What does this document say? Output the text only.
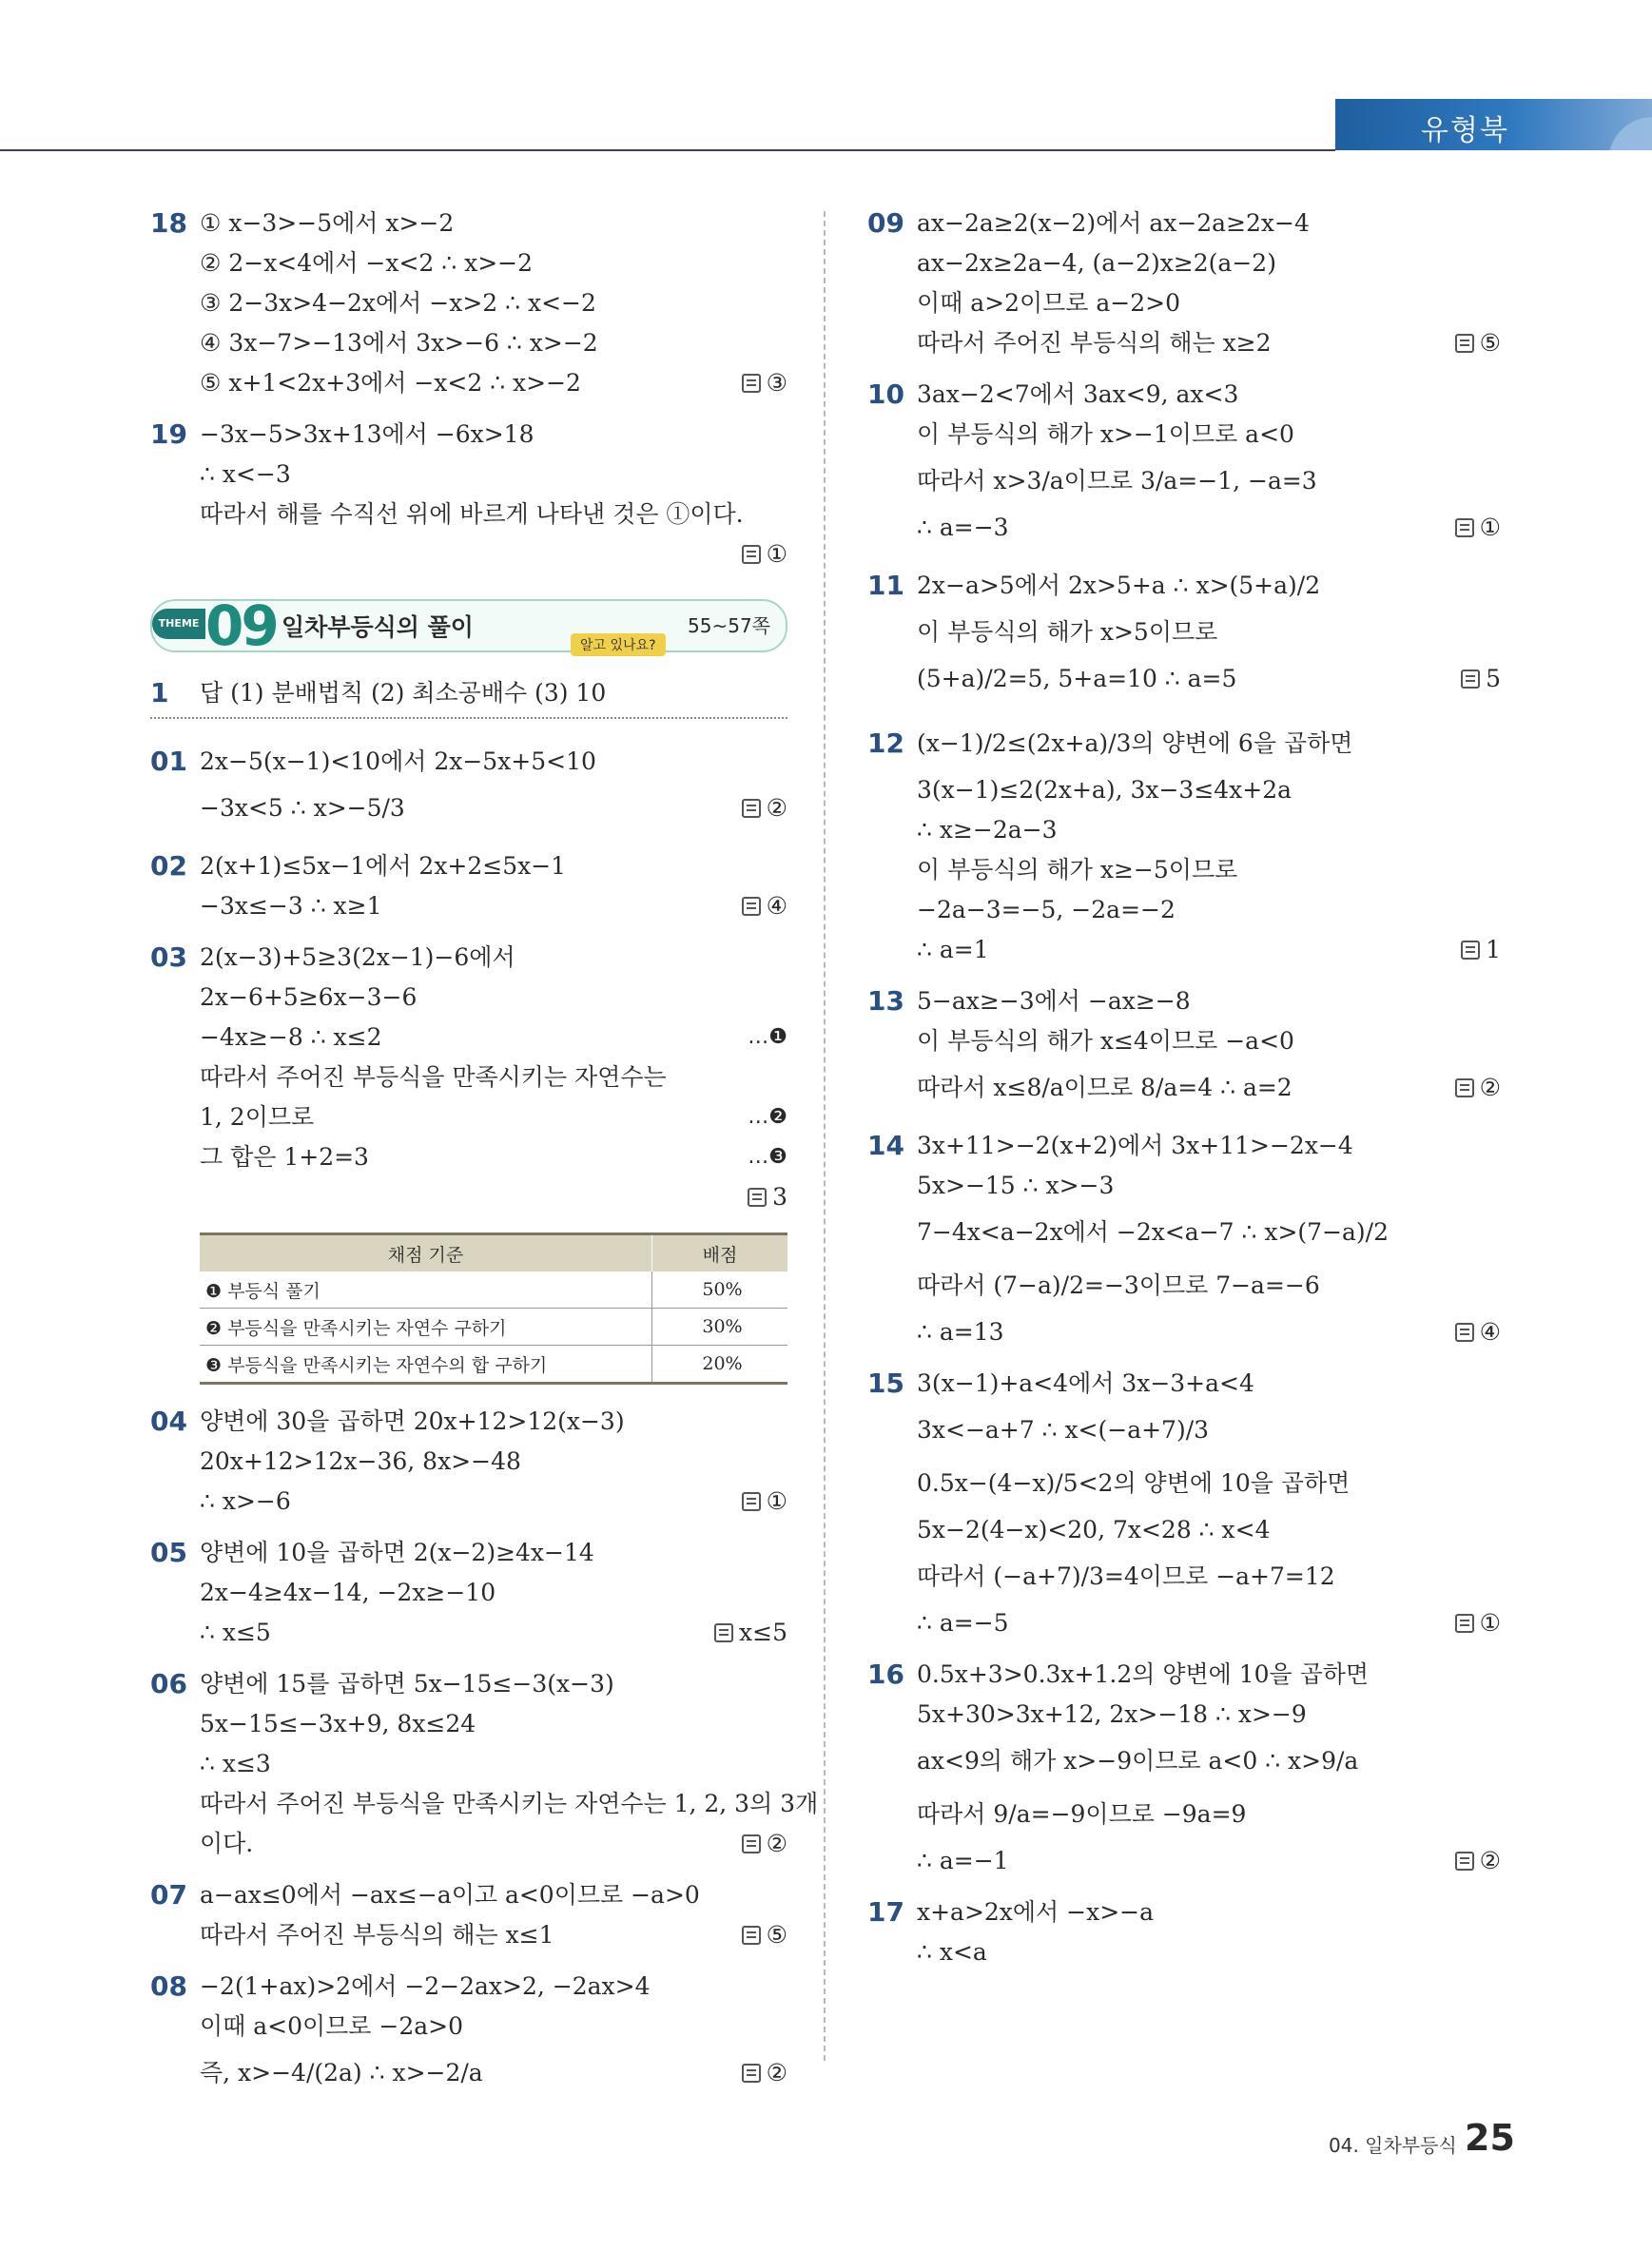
유형북
18 ① x−3>−5에서 x>−2
② 2−x<4에서 −x<2 ∴ x>−2
③ 2−3x>4−2x에서 −x>2 ∴ x<−2
④ 3x−7>−13에서 3x>−6 ∴ x>−2
⑤ x+1<2x+3에서 −x<2 ∴ x>−2	③
19 −3x−5>3x+13에서 −6x>18
∴ x<−3
따라서 해를 수직선 위에 바르게 나타낸 것은 ①이다.
①
THEME 09 일차부등식의 풀이
알고 있나요?
55~57쪽
1 답 (1) 분배법칙 (2) 최소공배수 (3) 10
01 2x−5(x−1)<10에서 2x−5x+5<10
−3x<5 ∴ x>−5/3	②
02 2(x+1)≤5x−1에서 2x+2≤5x−1
−3x≤−3 ∴ x≥1	④
03 2(x−3)+5≥3(2x−1)−6에서
2x−6+5≥6x−3−6
−4x≥−8 ∴ x≤2	…❶
따라서 주어진 부등식을 만족시키는 자연수는
1, 2이므로	…❷
그 합은 1+2=3	…❸
3
채점 기준	배점
❶ 부등식 풀기	50%
❷ 부등식을 만족시키는 자연수 구하기	30%
❸ 부등식을 만족시키는 자연수의 합 구하기	20%
04 양변에 30을 곱하면 20x+12>12(x−3)
20x+12>12x−36, 8x>−48
∴ x>−6	①
05 양변에 10을 곱하면 2(x−2)≥4x−14
2x−4≥4x−14, −2x≥−10
∴ x≤5	x≤5
06 양변에 15를 곱하면 5x−15≤−3(x−3)
5x−15≤−3x+9, 8x≤24
∴ x≤3
따라서 주어진 부등식을 만족시키는 자연수는 1, 2, 3의 3개
이다.	②
07 a−ax≤0에서 −ax≤−a이고 a<0이므로 −a>0
따라서 주어진 부등식의 해는 x≤1	⑤
08 −2(1+ax)>2에서 −2−2ax>2, −2ax>4
이때 a<0이므로 −2a>0
즉, x>−4/(2a) ∴ x>−2/a	②
09 ax−2a≥2(x−2)에서 ax−2a≥2x−4
ax−2x≥2a−4, (a−2)x≥2(a−2)
이때 a>2이므로 a−2>0
따라서 주어진 부등식의 해는 x≥2	⑤
10 3ax−2<7에서 3ax<9, ax<3
이 부등식의 해가 x>−1이므로 a<0
따라서 x>3/a이므로 3/a=−1, −a=3
∴ a=−3	①
11 2x−a>5에서 2x>5+a ∴ x>(5+a)/2
이 부등식의 해가 x>5이므로
(5+a)/2=5, 5+a=10 ∴ a=5	5
12 (x−1)/2≤(2x+a)/3의 양변에 6을 곱하면
3(x−1)≤2(2x+a), 3x−3≤4x+2a
∴ x≥−2a−3
이 부등식의 해가 x≥−5이므로
−2a−3=−5, −2a=−2
∴ a=1	1
13 5−ax≥−3에서 −ax≥−8
이 부등식의 해가 x≤4이므로 −a<0
따라서 x≤8/a이므로 8/a=4 ∴ a=2	②
14 3x+11>−2(x+2)에서 3x+11>−2x−4
5x>−15 ∴ x>−3
7−4x<a−2x에서 −2x<a−7 ∴ x>(7−a)/2
따라서 (7−a)/2=−3이므로 7−a=−6
∴ a=13	④
15 3(x−1)+a<4에서 3x−3+a<4
3x<−a+7 ∴ x<(−a+7)/3
0.5x−(4−x)/5<2의 양변에 10을 곱하면
5x−2(4−x)<20, 7x<28 ∴ x<4
따라서 (−a+7)/3=4이므로 −a+7=12
∴ a=−5	①
16 0.5x+3>0.3x+1.2의 양변에 10을 곱하면
5x+30>3x+12, 2x>−18 ∴ x>−9
ax<9의 해가 x>−9이므로 a<0 ∴ x>9/a
따라서 9/a=−9이므로 −9a=9
∴ a=−1	②
17 x+a>2x에서 −x>−a
∴ x<a
04. 일차부등식 25
